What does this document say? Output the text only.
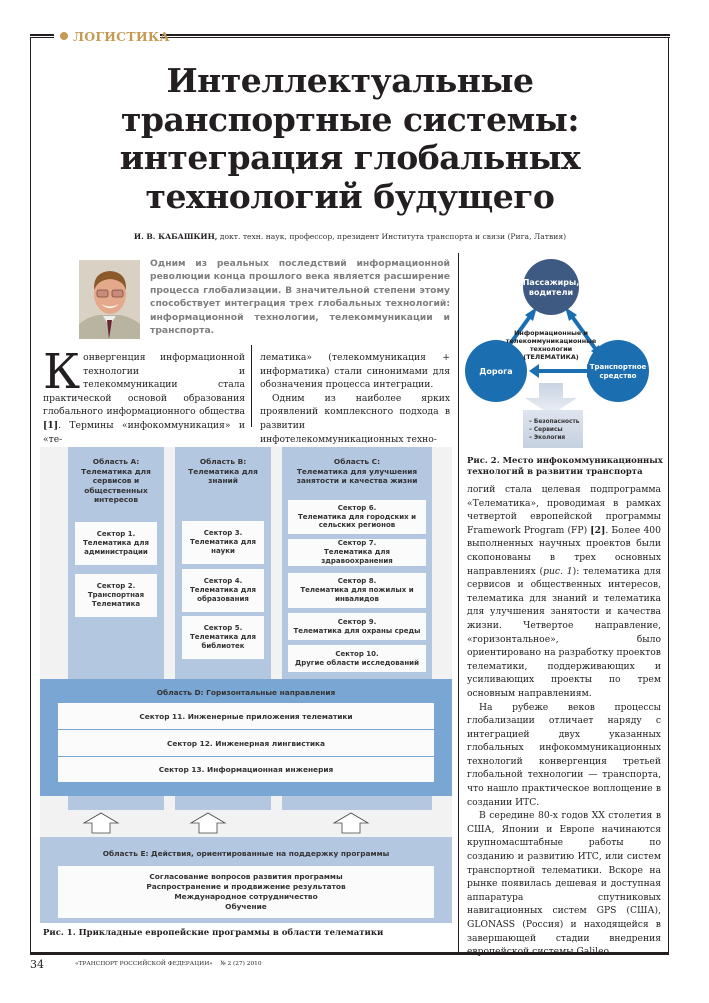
ЛОГИСТИКА
Интеллектуальные
транспортные системы:
интеграция глобальных
технологий будущего
И. В. КАБАШКИН, докт. техн. наук, профессор, президент Института транспорта и связи (Рига, Латвия)
Одним из реальных последствий информационной революции конца прошлого века является расширение процесса глобализации. В значительной степени этому способствует интеграция трех глобальных технологий: информационной технологии, телекоммуникации и транспорта.
Конвергенция информационной технологии и телекоммуникации стала практической основой образования глобального информационного общества [1]. Термины «инфокоммуникация» и «те-
лематика» (телекоммуникация + информатика) стали синонимами для обозначения процесса интеграции.
Одним из наиболее ярких проявлений комплексного подхода в развитии инфотелекоммуникационных техно-
Пассажиры,
водители
Дорога	Транспортное
средство
Информационные и
телекоммуникационные
технологии
(ТЕЛЕМАТИКА)
– Безопасность
– Сервисы
– Экология
Рис. 2. Место инфокоммуникационных технологий в развитии транспорта
логий стала целевая подпрограмма «Телематика», проводимая в рамках четвертой европейской программы Framework Program (FP) [2]. Более 400 выполненных научных проектов были скопонованы в трех основных направлениях (рис. 1): телематика для сервисов и общественных интересов, телематика для знаний и телематика для улучшения занятости и качества жизни. Четвертое направление, «горизонтальное», было ориентировано на разработку проектов телематики, поддерживающих и усиливающих проекты по трем основным направлениям.
На рубеже веков процессы глобализации отличает наряду с интеграцией двух указанных глобальных инфокоммуникационных технологий конвергенция третьей глобальной технологии — транспорта, что нашло практическое воплощение в создании ИТС.
В середине 80-х годов XX столетия в США, Японии и Европе начинаются крупномасштабные работы по созданию и развитию ИТС, или систем транспортной телематики. Вскоре на рынке появилась дешевая и доступная аппаратура спутниковых навигационных систем GPS (США), GLONASS (Россия) и находящейся в завершающей стадии внедрения европейской системы Galileo.
Область А:
Телематика для
сервисов и
общественных
интересов
Сектор 1.
Телематика для
администрации
Сектор 2.
Транспортная
Телематика
Область В:
Телематика для
знаний
Сектор 3.
Телематика для
науки
Сектор 4.
Телематика для
образования
Сектор 5.
Телематика для
библиотек
Область С:
Телематика для улучшения
занятости и качества жизни
Сектор 6.
Телематика для городских и
сельских регионов
Сектор 7.
Телематика для здравоохранения
Сектор 8.
Телематика для пожилых и
инвалидов
Сектор 9.
Телематика для охраны среды
Сектор 10.
Другие области исследований
Область D: Горизонтальные направления
Сектор 11. Инженерные приложения телематики
Сектор 12. Инженерная лингвистика
Сектор 13. Информационная инженерия
Область Е: Действия, ориентированные на поддержку программы
Согласование вопросов развития программы
Распространение и продвижение результатов
Международное сотрудничество
Обучение
Рис. 1. Прикладные европейские программы в области телематики
34	«ТРАНСПОРТ РОССИЙСКОЙ ФЕДЕРАЦИИ» № 2 (27) 2010
